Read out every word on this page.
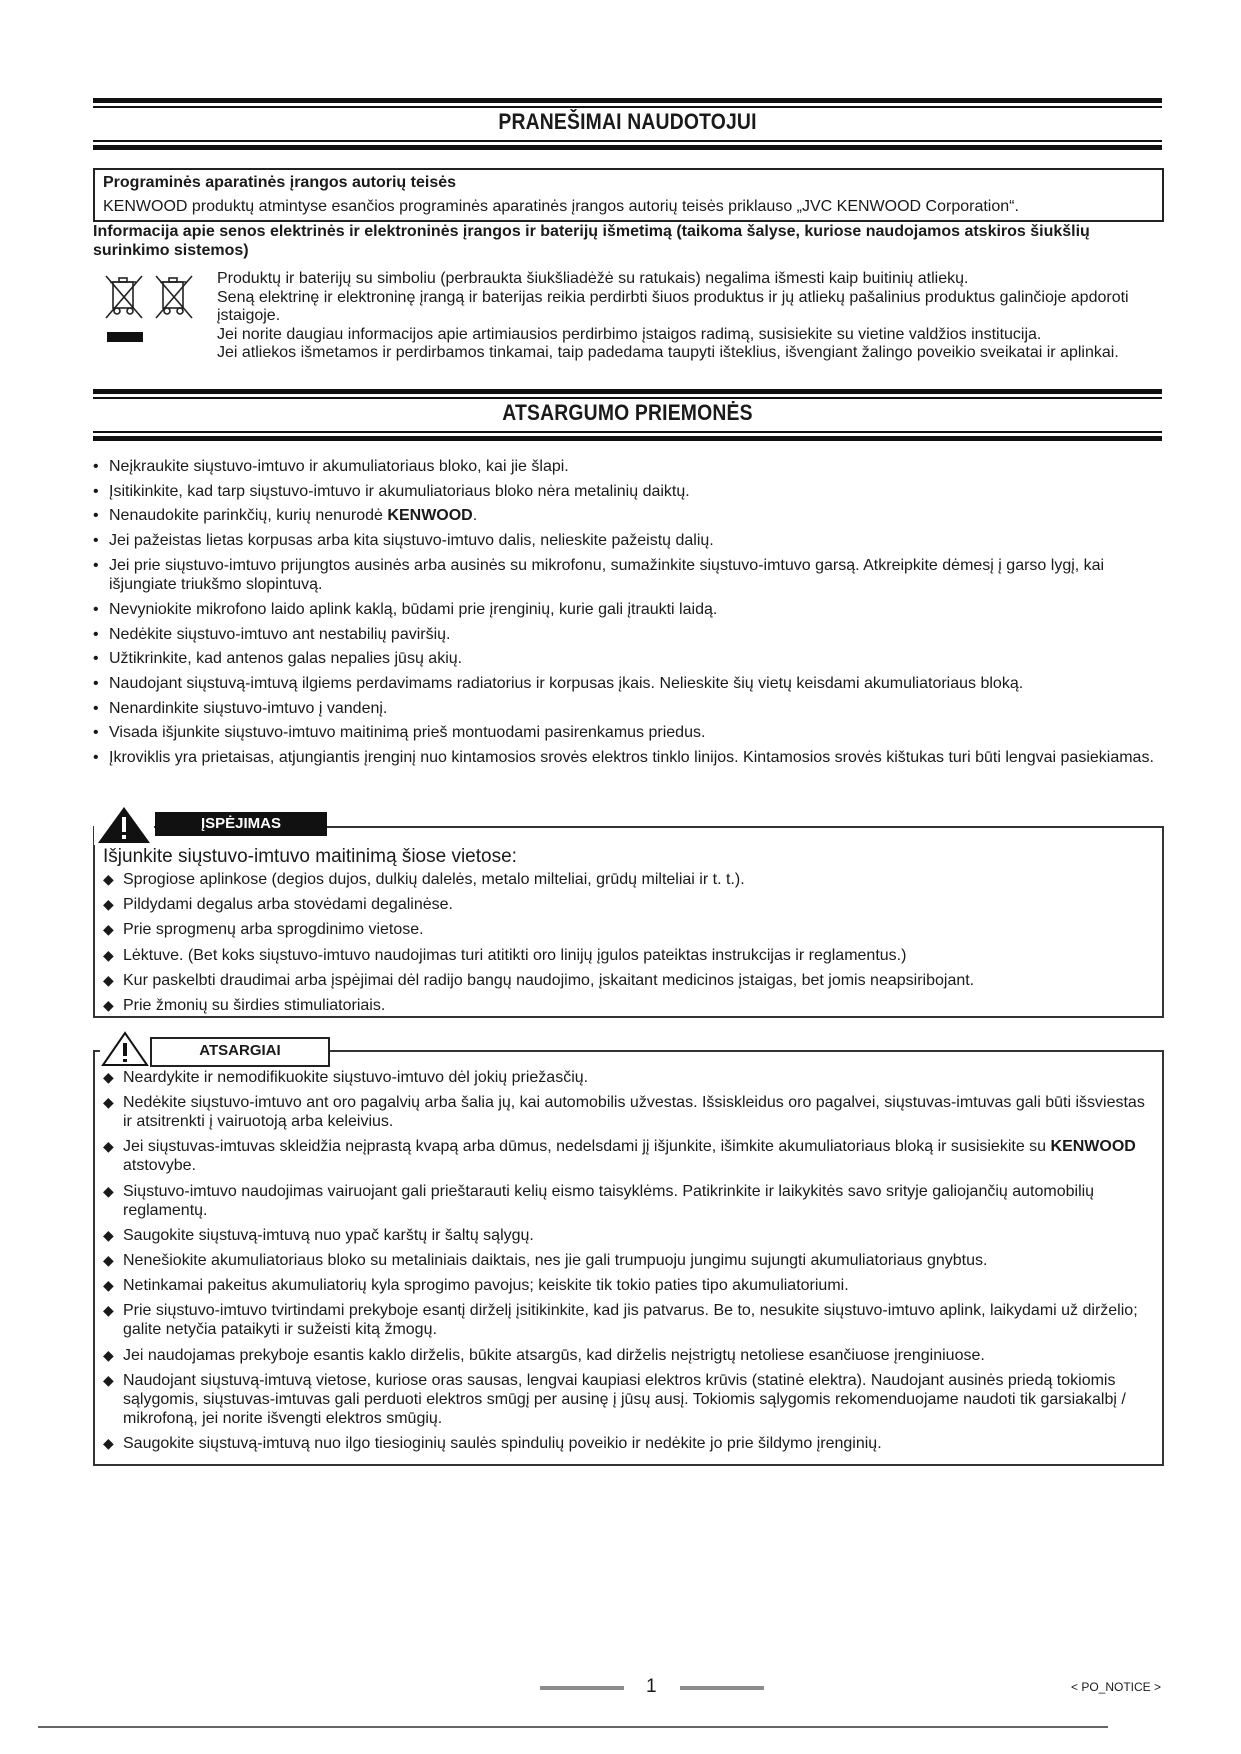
PRANEŠIMAI NAUDOTOJUI
Programinės aparatinės įrangos autorių teisės
KENWOOD produktų atmintyse esančios programinės aparatinės įrangos autorių teisės priklauso „JVC KENWOOD Corporation“.
Informacija apie senos elektrinės ir elektroninės įrangos ir baterijų išmetimą (taikoma šalyse, kuriose naudojamos atskiros šiukšlių surinkimo sistemos)
Produktų ir baterijų su simboliu (perbraukta šiukšliadėžė su ratukais) negalima išmesti kaip buitinių atliekų.
Seną elektrinę ir elektroninę įrangą ir baterijas reikia perdirbti šiuos produktus ir jų atliekų pašalinius produktus galinčioje apdoroti įstaigoje.
Jei norite daugiau informacijos apie artimiausios perdirbimo įstaigos radimą, susisiekite su vietine valdžios institucija.
Jei atliekos išmetamos ir perdirbamos tinkamai, taip padedama taupyti išteklius, išvengiant žalingo poveikio sveikatai ir aplinkai.
ATSARGUMO PRIEMONĖS
• Neįkraukite siųstuvo-imtuvo ir akumuliatoriaus bloko, kai jie šlapi.
• Įsitikinkite, kad tarp siųstuvo-imtuvo ir akumuliatoriaus bloko nėra metalinių daiktų.
• Nenaudokite parinkčių, kurių nenurodė KENWOOD.
• Jei pažeistas lietas korpusas arba kita siųstuvo-imtuvo dalis, nelieskite pažeistų dalių.
• Jei prie siųstuvo-imtuvo prijungtos ausinės arba ausinės su mikrofonu, sumažinkite siųstuvo-imtuvo garsą. Atkreipkite dėmesį į garso lygį, kai išjungiate triukšmo slopintuvą.
• Nevyniokite mikrofono laido aplink kaklą, būdami prie įrenginių, kurie gali įtraukti laidą.
• Nedėkite siųstuvo-imtuvo ant nestabilių paviršių.
• Užtikrinkite, kad antenos galas nepalies jūsų akių.
• Naudojant siųstuvą-imtuvą ilgiems perdavimams radiatorius ir korpusas įkais. Nelieskite šių vietų keisdami akumuliatoriaus bloką.
• Nenardinkite siųstuvo-imtuvo į vandenį.
• Visada išjunkite siųstuvo-imtuvo maitinimą prieš montuodami pasirenkamus priedus.
• Įkroviklis yra prietaisas, atjungiantis įrenginį nuo kintamosios srovės elektros tinklo linijos. Kintamosios srovės kištukas turi būti lengvai pasiekiamas.
Išjunkite siųstuvo-imtuvo maitinimą šiose vietose:
◆ Sprogiose aplinkose (degios dujos, dulkių dalelės, metalo milteliai, grūdų milteliai ir t. t.).
◆ Pildydami degalus arba stovėdami degalinėse.
◆ Prie sprogmenų arba sprogdinimo vietose.
◆ Lėktuve. (Bet koks siųstuvo-imtuvo naudojimas turi atitikti oro linijų įgulos pateiktas instrukcijas ir reglamentus.)
◆ Kur paskelbti draudimai arba įspėjimai dėl radijo bangų naudojimo, įskaitant medicinos įstaigas, bet jomis neapsiribojant.
◆ Prie žmonių su širdies stimuliatoriais.
ĮSPĖJIMAS
◆ Neardykite ir nemodifikuokite siųstuvo-imtuvo dėl jokių priežasčių.
◆ Nedėkite siųstuvo-imtuvo ant oro pagalvių arba šalia jų, kai automobilis užvestas. Išsiskleidus oro pagalvei, siųstuvas-imtuvas gali būti išsviestas ir atsitrenkti į vairuotoją arba keleivius.
◆ Jei siųstuvas-imtuvas skleidžia neįprastą kvapą arba dūmus, nedelsdami jį išjunkite, išimkite akumuliatoriaus bloką ir susisiekite su KENWOOD atstovybe.
◆ Siųstuvo-imtuvo naudojimas vairuojant gali prieštarauti kelių eismo taisyklėms. Patikrinkite ir laikykitės savo srityje galiojančių automobilių reglamentų.
◆ Saugokite siųstuvą-imtuvą nuo ypač karštų ir šaltų sąlygų.
◆ Nenešiokite akumuliatoriaus bloko su metaliniais daiktais, nes jie gali trumpuoju jungimu sujungti akumuliatoriaus gnybtus.
◆ Netinkamai pakeitus akumuliatorių kyla sprogimo pavojus; keiskite tik tokio paties tipo akumuliatoriumi.
◆ Prie siųstuvo-imtuvo tvirtindami prekyboje esantį dirželį įsitikinkite, kad jis patvarus. Be to, nesukite siųstuvo-imtuvo aplink, laikydami už dirželio; galite netyčia pataikyti ir sužeisti kitą žmogų.
◆ Jei naudojamas prekyboje esantis kaklo dirželis, būkite atsargūs, kad dirželis neįstrigtų netoliese esančiuose įrenginiuose.
◆ Naudojant siųstuvą-imtuvą vietose, kuriose oras sausas, lengvai kaupiasi elektros krūvis (statinė elektra). Naudojant ausinės priedą tokiomis sąlygomis, siųstuvas-imtuvas gali perduoti elektros smūgį per ausinę į jūsų ausį. Tokiomis sąlygomis rekomenduojame naudoti tik garsiakalbį / mikrofoną, jei norite išvengti elektros smūgių.
◆ Saugokite siųstuvą-imtuvą nuo ilgo tiesioginių saulės spindulių poveikio ir nedėkite jo prie šildymo įrenginių.
ATSARGIAI
1	< PO_NOTICE >
